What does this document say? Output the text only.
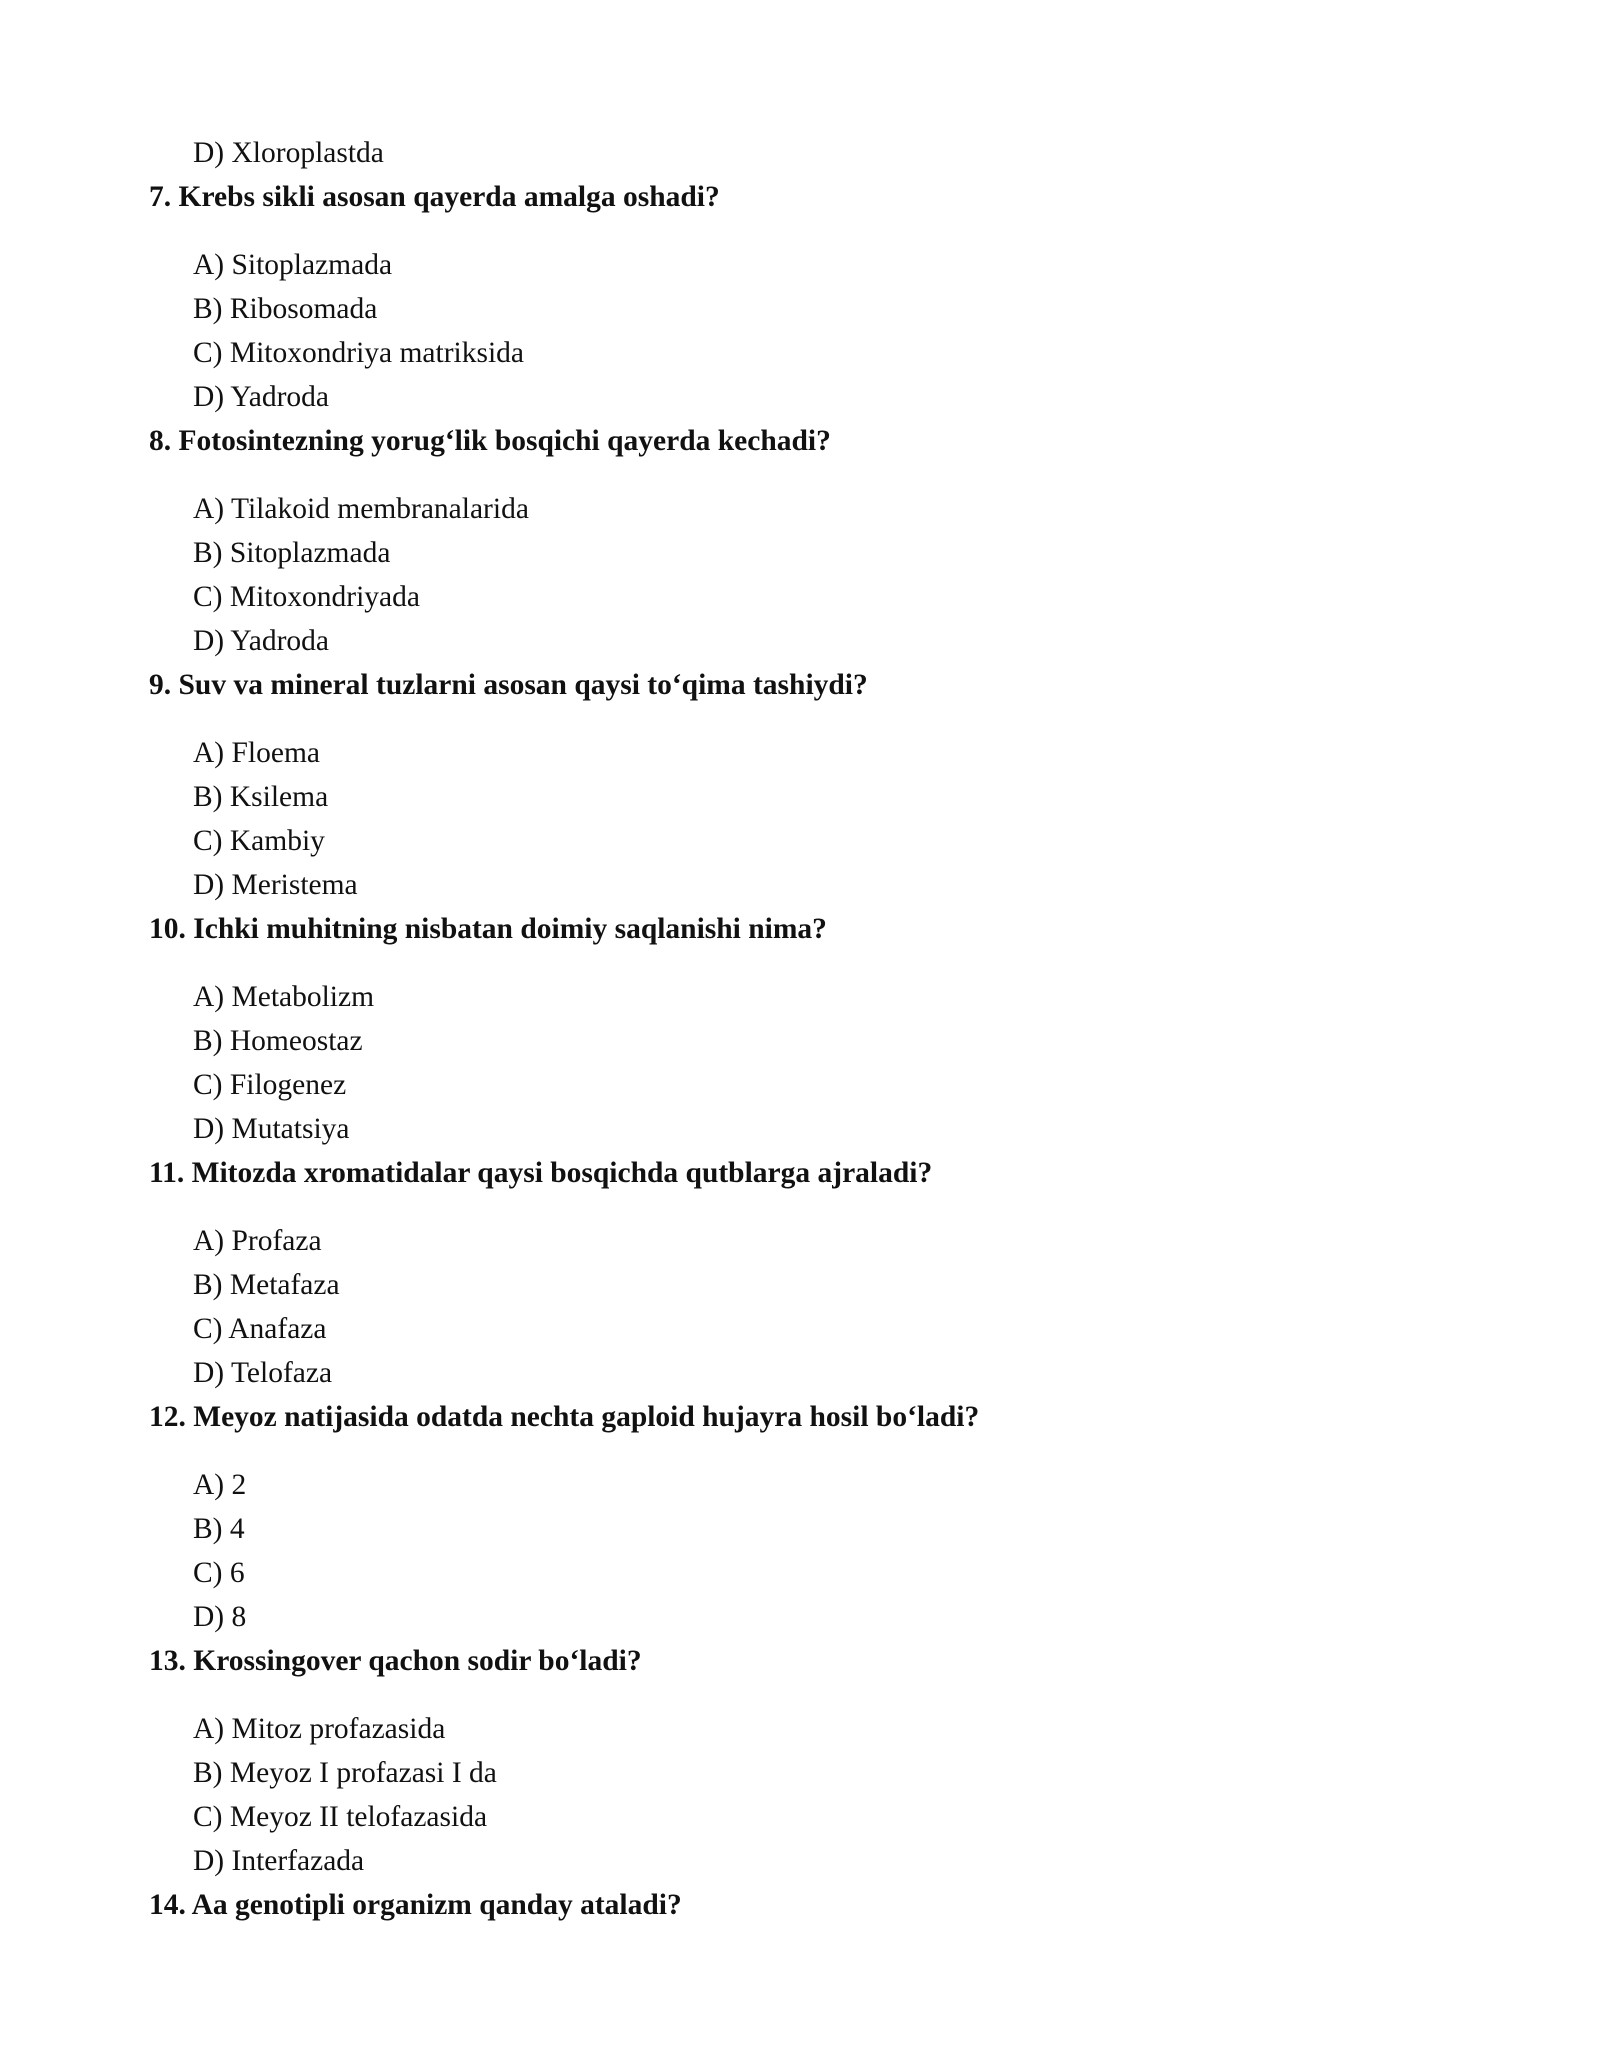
D) Xloroplastda
7. Krebs sikli asosan qayerda amalga oshadi?
A) Sitoplazmada
B) Ribosomada
C) Mitoxondriya matriksida
D) Yadroda
8. Fotosintezning yorug‘lik bosqichi qayerda kechadi?
A) Tilakoid membranalarida
B) Sitoplazmada
C) Mitoxondriyada
D) Yadroda
9. Suv va mineral tuzlarni asosan qaysi to‘qima tashiydi?
A) Floema
B) Ksilema
C) Kambiy
D) Meristema
10. Ichki muhitning nisbatan doimiy saqlanishi nima?
A) Metabolizm
B) Homeostaz
C) Filogenez
D) Mutatsiya
11. Mitozda xromatidalar qaysi bosqichda qutblarga ajraladi?
A) Profaza
B) Metafaza
C) Anafaza
D) Telofaza
12. Meyoz natijasida odatda nechta gaploid hujayra hosil bo‘ladi?
A) 2
B) 4
C) 6
D) 8
13. Krossingover qachon sodir bo‘ladi?
A) Mitoz profazasida
B) Meyoz I profazasi I da
C) Meyoz II telofazasida
D) Interfazada
14. Aa genotipli organizm qanday ataladi?
